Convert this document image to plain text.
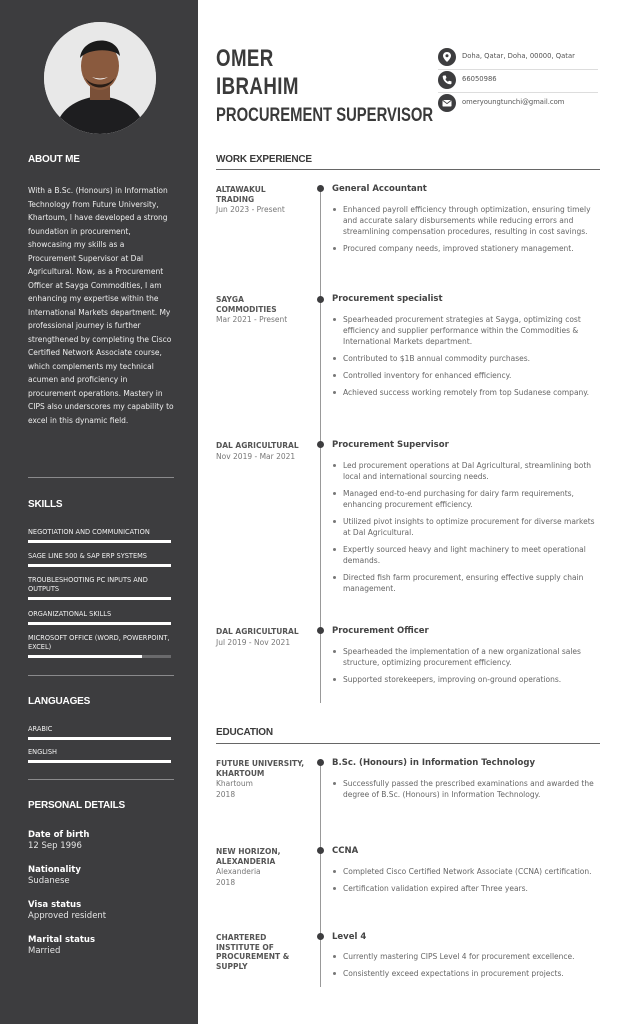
ABOUT ME
With a B.Sc. (Honours) in Information Technology from Future University, Khartoum, I have developed a strong foundation in procurement, showcasing my skills as a Procurement Supervisor at Dal Agricultural. Now, as a Procurement Officer at Sayga Commodities, I am enhancing my expertise within the International Markets department. My professional journey is further strengthened by completing the Cisco Certified Network Associate course, which complements my technical acumen and proficiency in procurement operations. Mastery in CIPS also underscores my capability to excel in this dynamic field.
SKILLS
NEGOTIATION AND COMMUNICATION
SAGE LINE 500 & SAP ERP SYSTEMS
TROUBLESHOOTING PC INPUTS AND OUTPUTS
ORGANIZATIONAL SKILLS
MICROSOFT OFFICE (WORD, POWERPOINT, EXCEL)
LANGUAGES
ARABIC
ENGLISH
PERSONAL DETAILS
Date of birth
12 Sep 1996
Nationality
Sudanese
Visa status
Approved resident
Marital status
Married
OMER
IBRAHIM
PROCUREMENT SUPERVISOR
Doha, Qatar, Doha, 00000, Qatar
66050986
omeryoungtunchi@gmail.com
WORK EXPERIENCE
ALTAWAKUL TRADING
Jun 2023 - Present
General Accountant
Enhanced payroll efficiency through optimization, ensuring timely and accurate salary disbursements while reducing errors and streamlining compensation procedures, resulting in cost savings.
Procured company needs, improved stationery management.
SAYGA COMMODITIES
Mar 2021 - Present
Procurement specialist
Spearheaded procurement strategies at Sayga, optimizing cost efficiency and supplier performance within the Commodities & International Markets department.
Contributed to $1B annual commodity purchases.
Controlled inventory for enhanced efficiency.
Achieved success working remotely from top Sudanese company.
DAL AGRICULTURAL
Nov 2019 - Mar 2021
Procurement Supervisor
Led procurement operations at Dal Agricultural, streamlining both local and international sourcing needs.
Managed end-to-end purchasing for dairy farm requirements, enhancing procurement efficiency.
Utilized pivot insights to optimize procurement for diverse markets at Dal Agricultural.
Expertly sourced heavy and light machinery to meet operational demands.
Directed fish farm procurement, ensuring effective supply chain management.
DAL AGRICULTURAL
Jul 2019 - Nov 2021
Procurement Officer
Spearheaded the implementation of a new organizational sales structure, optimizing procurement efficiency.
Supported storekeepers, improving on-ground operations.
EDUCATION
FUTURE UNIVERSITY, KHARTOUM
Khartoum
2018
B.Sc. (Honours) in Information Technology
Successfully passed the prescribed examinations and awarded the degree of B.Sc. (Honours) in Information Technology.
NEW HORIZON, ALEXANDERIA
Alexanderia
2018
CCNA
Completed Cisco Certified Network Associate (CCNA) certification.
Certification validation expired after Three years.
CHARTERED INSTITUTE OF PROCUREMENT & SUPPLY
Level 4
Currently mastering CIPS Level 4 for procurement excellence.
Consistently exceed expectations in procurement projects.
